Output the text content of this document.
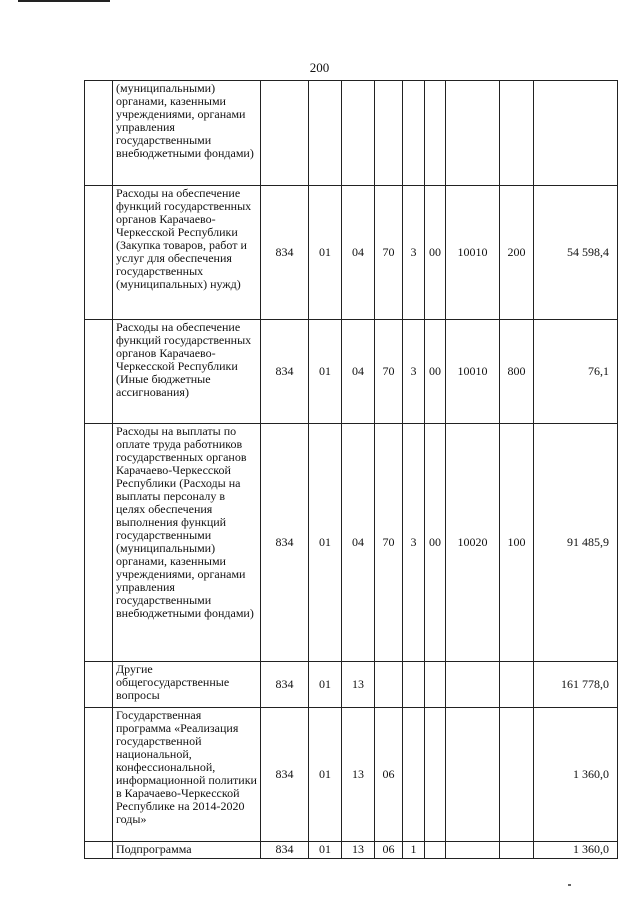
200
	(муниципальными) органами, казенными учреждениями, органами управления государственными внебюджетными фондами)									
	Расходы на обеспечение функций государственных органов Карачаево-Черкесской Республики (Закупка товаров, работ и услуг для обеспечения государственных (муниципальных) нужд)	834	01	04	70	3	00	10010	200	54 598,4
	Расходы на обеспечение функций государственных органов Карачаево-Черкесской Республики (Иные бюджетные ассигнования)	834	01	04	70	3	00	10010	800	76,1
	Расходы на выплаты по оплате труда работников государственных органов Карачаево-Черкесской Республики (Расходы на выплаты персоналу в целях обеспечения выполнения функций государственными (муниципальными) органами, казенными учреждениями, органами управления государственными внебюджетными фондами)	834	01	04	70	3	00	10020	100	91 485,9
	Другие общегосударственные вопросы	834	01	13						161 778,0
	Государственная программа «Реализация государственной национальной, конфессиональной, информационной политики в Карачаево-Черкесской Республике на 2014-2020 годы»	834	01	13	06					1 360,0
	Подпрограмма	834	01	13	06	1				1 360,0
